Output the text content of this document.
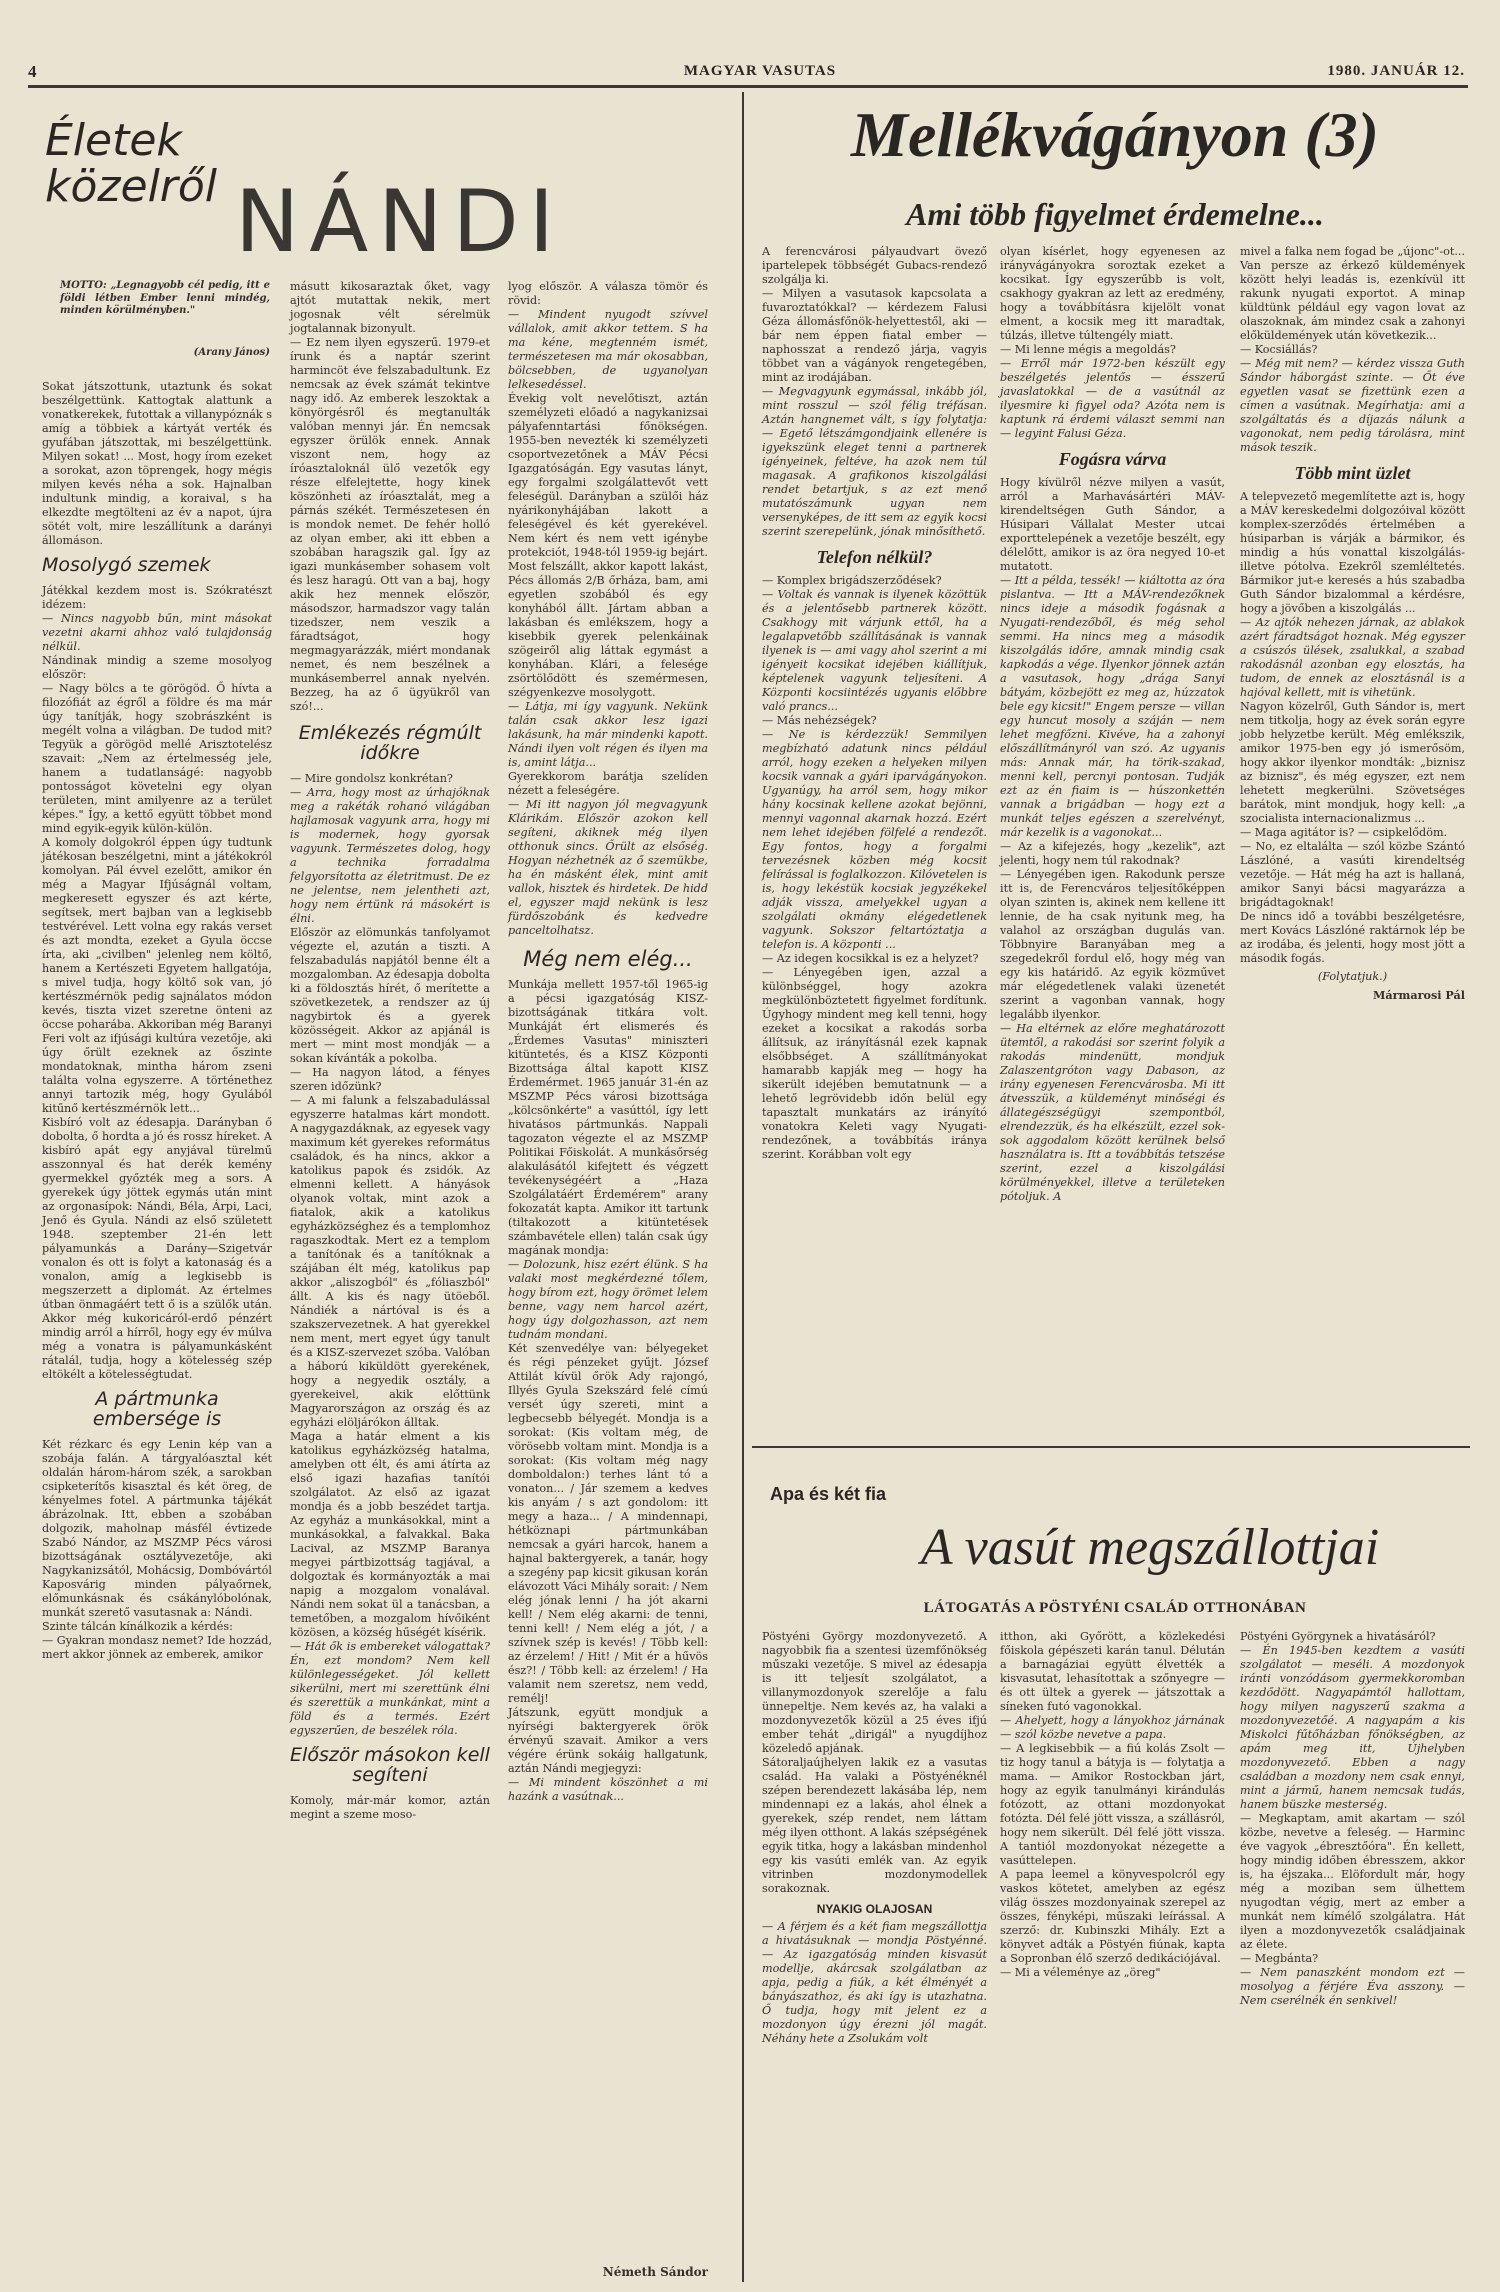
4	MAGYAR VASUTAS	1980. JANUÁR 12.
Életek közelről NÁNDI
MOTTO: „Legnagyobb cél pedig, itt e földi létben Ember lenni mindég, minden körülményben."
(Arany János)

Sokat játszottunk, utaztunk és sokat beszélgettünk. Kattogtak alattunk a vonatkerekek, futottak a villanypóznák s amíg a többiek a kártyát verték és gyufában játszottak, mi beszélgettünk. Milyen sokat! ... Most, hogy írom ezeket a sorokat, azon töprengek, hogy mégis milyen kevés néha a sok. Hajnalban indultunk mindig, a koraival, s ha elkezdte megtölteni az év a napot, újra sötét volt, mire leszállítunk a darányi állomáson.

Mosolygó szemek

Játékkal kezdem most is. Szókratészt idézem:

— Nincs nagyobb bűn, mint másokat vezetni akarni ahhoz való tulajdonság nélkül.

Nándinak mindig a szeme mosolyog először:

— Nagy bölcs a te görögöd. Ő hívta a filozófiát az égről a földre és ma már úgy tanítják, hogy szobrászként is megélt volna a világban. De tudod mit? Tegyük a görögöd mellé Arisztotelész szavait: „Nem az értelmesség jele, hanem a tudatlanságé: nagyobb pontosságot követelni egy olyan területen, mint amilyenre az a terület képes." Így, a kettő együtt többet mond mind egyik-egyik külön-külön.

A komoly dolgokról éppen úgy tudtunk játékosan beszélgetni, mint a játékokról komolyan. Pál évvel ezelőtt, amikor én még a Magyar Ifjúságnál voltam, megkeresett egyszer és azt kérte, segítsek, mert bajban van a legkisebb testvérével. Lett volna egy rakás verset és azt mondta, ezeket a Gyula öccse írta, aki „civilben" jelenleg nem költő, hanem a Kertészeti Egyetem hallgatója, s mivel tudja, hogy költő sok van, jó kertészmérnök pedig sajnálatos módon kevés, tiszta vizet szeretne önteni az öccse poharába. Akkoriban még Baranyi Feri volt az ifjúsági kultúra vezetője, aki úgy őrült ezeknek az őszinte mondatoknak, mintha három zseni találta volna egyszerre. A történethez annyi tartozik még, hogy Gyulából kitűnő kertészmérnök lett...

Kisbíró volt az édesapja. Darányban ő dobolta, ő hordta a jó és rossz híreket. A kisbíró apát egy anyjával türelmű asszonnyal és hat derék kemény gyermekkel győzték meg a sors. A gyerekek úgy jöttek egymás után mint az orgonasípok: Nándi, Béla, Árpi, Laci, Jenő és Gyula. Nándi az első született 1948. szeptember 21-én lett pályamunkás a Darány—Szigetvár vonalon és ott is folyt a katonaság és a vonalon, amíg a legkisebb is megszerzett a diplomát. Az értelmes útban önmagáért tett ő is a szülők után. Akkor még kukoricáról-erdő pénzért mindig arról a hírről, hogy egy év múlva még a vonatra is pályamunkásként rátalál, tudja, hogy a kötelesség szép eltökélt a kötelességtudat.

A pártmunka embersége is

Két rézkarc és egy Lenin kép van a szobája falán. A tárgyalóasztal két oldalán három-három szék, a sarokban csipketerítős kisasztal és két öreg, de kényelmes fotel. A pártmunka tájékát ábrázolnak. Itt, ebben a szobában dolgozik, maholnap másfél évtizede Szabó Nándor, az MSZMP Pécs városi bizottságának osztályvezetője, aki Nagykanizsától, Mohácsig, Dombóvártól Kaposvárig minden pályaőrnek, előmunkásnak és csákánylóbolónak, munkát szerető vasutasnak a: Nándi.

Szinte tálcán kínálkozik a kérdés:

— Gyakran mondasz nemet? Ide hozzád, mert akkor jönnek az emberek, amikor

másutt kikosaraztak őket, vagy ajtót mutattak nekik, mert jogosnak vélt sérelmük jogtalannak bizonyult.

— Ez nem ilyen egyszerű. 1979-et írunk és a naptár szerint harmincöt éve felszabadultunk. Ez nemcsak az évek számát tekintve nagy idő. Az emberek leszoktak a könyörgésről és megtanulták valóban mennyi jár. Én nemcsak egyszer örülök ennek. Annak viszont nem, hogy az íróasztaloknál ülő vezetők egy része elfelejtette, hogy kinek köszönheti az íróasztalát, meg a párnás székét. Természetesen én is mondok nemet. De fehér holló az olyan ember, aki itt ebben a szobában haragszik gal. Így az igazi munkásember sohasem volt és lesz haragú. Ott van a baj, hogy akik hez mennek először, másodszor, harmadszor vagy talán tizedszer, nem veszik a fáradtságot, hogy megmagyarázzák, miért mondanak nemet, és nem beszélnek a munkásemberrel annak nyelvén. Bezzeg, ha az ő ügyükről van szó!...

Emlékezés régmúlt időkre

— Mire gondolsz konkrétan?

— Arra, hogy most az úrhajóknak meg a rakéták rohanó világában hajlamosak vagyunk arra, hogy mi is modernek, hogy gyorsak vagyunk. Természetes dolog, hogy a technika forradalma felgyorsította az életritmust. De ez ne jelentse, nem jelentheti azt, hogy nem értünk rá másokért is élni.

Először az elömunkás tanfolyamot végezte el, azután a tiszti. A felszabadulás napjától benne élt a mozgalomban. Az édesapja dobolta ki a földosztás hírét, ő merítette a szövetkezetek, a rendszer az új nagybirtok és a gyerek közösségeit. Akkor az apjánál is mert — mint most mondják — a sokan kívánták a pokolba.

— Ha nagyon látod, a fényes szeren időzünk?

— A mi falunk a felszabadulással egyszerre hatalmas kárt mondott. A nagygazdáknak, az egyesek vagy maximum két gyerekes református családok, és ha nincs, akkor a katolikus papok és zsidók. Az elmenni kellett. A hányások olyanok voltak, mint azok a fiatalok, akik a katolikus egyházközséghez és a templomhoz ragaszkodtak. Mert ez a templom a tanítónak és a tanítóknak a szájában élt még, katolikus pap akkor „aliszogból" és „fóliaszból" állt. A kis és nagy ütöeből. Nándiék a nártóval is és a szakszervezetnek. A hat gyerekkel nem ment, mert egyet úgy tanult és a KISZ-szervezet szóba. Valóban a háború kiküldött gyerekének, hogy a negyedik osztály, a gyerekeivel, akik előttünk Magyarországon az ország és az egyházi elöljárókon álltak.

Maga a határ elment a kis katolikus egyházközség hatalma, amelyben ott élt, és ami átírta az első igazi hazafias tanítói szolgálatot. Az első az igazat mondja és a jobb beszédet tartja. Az egyház a munkásokkal, mint a munkásokkal, a falvakkal. Baka Lacival, az MSZMP Baranya megyei pártbizottság tagjával, a dolgoztak és kormányozták a mai napig a mozgalom vonalával. Nándi nem sokat ül a tanácsban, a temetőben, a mozgalom hívőiként közösen, a község hűségét kísérik.

— Hát ők is embereket válogattak? Én, ezt mondom? Nem kell különlegességeket. Jól kellett sikerülni, mert mi szerettünk élni és szerettük a munkánkat, mint a föld és a termés. Ezért egyszerűen, de beszélek róla.

Először másokon kell segíteni

Komoly, már-már komor, aztán megint a szeme moso-

lyog először. A válasza tömör és rövid:

— Mindent nyugodt szívvel vállalok, amit akkor tettem. S ha ma kéne, megtenném ismét, természetesen ma már okosabban, bölcsebben, de ugyanolyan lelkesedéssel.

Évekig volt nevelőtiszt, aztán személyzeti előadó a nagykanizsai pályafenntartási főnökségen. 1955-ben nevezték ki személyzeti csoportvezetőnek a MÁV Pécsi Igazgatóságán. Egy vasutas lányt, egy forgalmi szolgálattevőt vett feleségül. Darányban a szülői ház nyárikonyhájában lakott a feleségével és két gyerekével. Nem kért és nem vett igénybe protekciót, 1948-tól 1959-ig bejárt. Most felszállt, akkor kapott lakást, Pécs állomás 2/B őrháza, bam, ami egyetlen szobából és egy konyhából állt. Jártam abban a lakásban és emlékszem, hogy a kisebbik gyerek pelenkáinak szögeiről alig láttak egymást a konyhában. Klári, a felesége zsörtölődött és szemérmesen, szégyenkezve mosolygott.

— Látja, mi így vagyunk. Nekünk talán csak akkor lesz igazi lakásunk, ha már mindenki kapott. Nándi ilyen volt régen és ilyen ma is, amint látja...

Gyerekkorom barátja szelíden nézett a feleségére.

— Mi itt nagyon jól megvagyunk Klárikám. Először azokon kell segíteni, akiknek még ilyen otthonuk sincs. Őrült az elsőség. Hogyan nézhetnék az ő szemükbe, ha én másként élek, mint amit vallok, hisztek és hirdetek. De hidd el, egyszer majd nekünk is lesz fürdőszobánk és kedvedre panceltolhatsz.

Még nem elég...

Munkája mellett 1957-től 1965-ig a pécsi igazgatóság KISZ-bizottságának titkára volt. Munkáját ért elismerés és „Érdemes Vasutas" miniszteri kitüntetés, és a KISZ Központi Bizottsága által kapott KISZ Érdemérmet. 1965 január 31-én az MSZMP Pécs városi bizottsága „kölcsönkérte" a vasúttól, így lett hivatásos pártmunkás. Nappali tagozaton végezte el az MSZMP Politikai Főiskolát. A munkásőrség alakulásától kifejtett és végzett tevékenységéért a „Haza Szolgálatáért Érdemérem" arany fokozatát kapta. Amikor itt tartunk (tiltakozott a kitüntetések számbavétele ellen) talán csak úgy magának mondja:

— Dolozunk, hisz ezért élünk. S ha valaki most megkérdezné tőlem, hogy bírom ezt, hogy örömet lelem benne, vagy nem harcol azért, hogy úgy dolgozhasson, azt nem tudnám mondani.

Két szenvedélye van: bélyegeket és régi pénzeket gyűjt. József Attilát kívül őrök Ady rajongó, Illyés Gyula Szekszárd felé címú versét úgy szereti, mint a legbecsebb bélyegét. Mondja is a sorokat: (Kis voltam még, de vörösebb voltam mint. Mondja is a sorokat: (Kis voltam még nagy domboldalon:) terhes lánt tó a vonaton... / Jár szemem a kedves kis anyám / s azt gondolom: itt megy a haza... / A mindennapi, hétköznapi pártmunkában nemcsak a gyári harcok, hanem a hajnal baktergyerek, a tanár, hogy a szegény pap kicsit gikusan korán elávozott Váci Mihály sorait: / Nem elég jónak lenni / ha jót akarni kell! / Nem elég akarni: de tenni, tenni kell! / Nem elég a jót, / a szívnek szép is kevés! / Több kell: az érzelem! / Hit! / Mit ér a hűvös ész?! / Több kell: az érzelem! / Ha valamit nem szeretsz, nem vedd, remélj!

Játszunk, együtt mondjuk a nyírségi baktergyerek örök érvényű szavait. Amikor a vers végére érünk sokáig hallgatunk, aztán Nándi megjegyzi:

— Mi mindent köszönhet a mi hazánk a vasútnak...

Németh Sándor
Mellékvágányon (3)
Ami több figyelmet érdemelne...

A ferencvárosi pályaudvart övező ipartelepek többségét Gubacs-rendező szolgálja ki.

— Milyen a vasutasok kapcsolata a fuvaroztatókkal? — kérdezem Falusi Géza állomásfőnök-helyettestől, aki — bár nem éppen fiatal ember — naphosszat a rendező járja, vagyis többet van a vágányok rengetegében, mint az irodájában.

— Megvagyunk egymással, inkább jól, mint rosszul — szól félig tréfásan. Aztán hangnemet vált, s így folytatja: — Egető létszámgondjaink ellenére is igyekszünk eleget tenni a partnerek igényeinek, feltéve, ha azok nem túl magasak. A grafikonos kiszolgálási rendet betartjuk, s az ezt menő mutatószámunk ugyan nem versenyképes, de itt sem az egyik kocsi szerint szerepelünk, jónak minősíthető.

Telefon nélkül?

— Komplex brigádszerződések?

— Voltak és vannak is ilyenek közöttük és a jelentősebb partnerek között. Csakhogy mit várjunk ettől, ha a legalapvetőbb szállításának is vannak ilyenek is — ami vagy ahol szerint a mi igényeit kocsikat idejében kiállítjuk, képtelenek vagyunk teljesíteni. A Központi kocsiintézés ugyanis előbbre való prancs...

— Más nehézségek?

— Ne is kérdezzük! Semmilyen megbízható adatunk nincs például arról, hogy ezeken a helyeken milyen kocsik vannak a gyári iparvágányokon. Ugyanúgy, ha arról sem, hogy mikor hány kocsinak kellene azokat bejönni, mennyi vagonnal akarnak hozzá. Ezért nem lehet idejében fölfelé a rendezőt. Egy fontos, hogy a forgalmi tervezésnek közben még kocsit felírással is foglalkozzon. Kilóvetelen is is, hogy lekéstük kocsiak jegyzékekel adják vissza, amelyekkel ugyan a szolgálati okmány elégedetlenek vagyunk. Sokszor feltartóztatja a telefon is. A központi ...

— Az idegen kocsikkal is ez a helyzet?

— Lényegében igen, azzal a különbséggel, hogy azokra megkülönböztetett figyelmet fordítunk. Úgyhogy mindent meg kell tenni, hogy ezeket a kocsikat a rakodás sorba állítsuk, az irányításnál ezek kapnak elsőbbséget. A szállítmányokat hamarabb kapják meg — hogy ha sikerült idejében bemutatnunk — a lehető legrövidebb időn belül egy tapasztalt munkatárs az irányító vonatokra Keleti vagy Nyugati-rendezőnek, a továbbítás iránya szerint. Korábban volt egy

olyan kísérlet, hogy egyenesen az irányvágányokra soroztak ezeket a kocsikat. Így egyszerűbb is volt, csakhogy gyakran az lett az eredmény, hogy a továbbításra kijelölt vonat elment, a kocsik meg itt maradtak, túlzás, illetve túltengély miatt.

— Mi lenne mégis a megoldás?

— Erről már 1972-ben készült egy beszélgetés jelentős — ésszerű javaslatokkal — de a vasútnál az ilyesmire ki figyel oda? Azóta nem is kaptunk rá érdemi választ semmi nan — legyint Falusi Géza.

Fogásra várva

Hogy kívülről nézve milyen a vasút, arról a Marhavásártéri MÁV-kirendeltségen Guth Sándor, a Húsipari Vállalat Mester utcai exporttelepének a vezetője beszélt, egy délelőtt, amikor is az öra negyed 10-et mutatott.

— Itt a példa, tessék! — kiáltotta az óra pislantva. — Itt a MÁV-rendezőknek nincs ideje a második fogásnak a Nyugati-rendezőből, és még sehol semmi. Ha nincs meg a második kiszolgálás időre, amnak mindig csak kapkodás a vége. Ilyenkor jönnek aztán a vasutasok, hogy „drága Sanyi bátyám, közbejött ez meg az, húzzatok bele egy kicsit!" Engem persze — villan egy huncut mosoly a száján — nem lehet megfőzni. Kivéve, ha a zahonyi előszállítmányról van szó. Az ugyanis más: Annak már, ha törik-szakad, menni kell, percnyi pontosan. Tudják ezt az én fiaim is — húszonkettén vannak a brigádban — hogy ezt a munkát teljes egészen a szerelvényt, már kezelik is a vagonokat...

— Az a kifejezés, hogy „kezelik", azt jelenti, hogy nem túl rakodnak?

— Lényegében igen. Rakodunk persze itt is, de Ferencváros teljesítőképpen olyan szinten is, akinek nem kellene itt lennie, de ha csak nyitunk meg, ha valahol az országban dugulás van. Többnyire Baranyában meg a szegedekről fordul elő, hogy még van egy kis határidő. Az egyik közművet már elégedetlenek valaki üzenetét szerint a vagonban vannak, hogy legalább ilyenkor.

— Ha eltérnek az előre meghatározott ütemtől, a rakodási sor szerint folyik a rakodás mindenütt, mondjuk Zalaszentgróton vagy Dabason, az irány egyenesen Ferencvárosba. Mi itt átvesszük, a küldeményt minőségi és állategészségügyi szempontból, elrendezzük, és ha elkészült, ezzel sok-sok aggodalom között kerülnek belső használatra is. Itt a továbbítás tetszése szerint, ezzel a kiszolgálási körülményekkel, illetve a területeken pótoljuk. A

mivel a falka nem fogad be „újonc"-ot... Van persze az érkező küldemények között helyi leadás is, ezenkívül itt rakunk nyugati exportot. A minap küldtünk például egy vagon lovat az olaszoknak, ám mindez csak a zahonyi előküldemények után következik...

— Kocsiállás?

— Még mit nem? — kérdez vissza Guth Sándor háborgást szinte. — Őt éve egyetlen vasat se fizettünk ezen a címen a vasútnak. Megírhatja: ami a szolgáltatás és a díjazás nálunk a vagonokat, nem pedig tárolásra, mint mások teszik.

Több mint üzlet

A telepvezető megemlítette azt is, hogy a MÁV kereskedelmi dolgozóival között komplex-szerződés értelmében a húsiparban is várják a bármikor, és mindig a hús vonattal kiszolgálás-illetve pótolva. Ezekről szemléltetés. Bármikor jut-e keresés a hús szabadba Guth Sándor bizalommal a kérdésre, hogy a jövőben a kiszolgálás ...

— Az ajtók nehezen járnak, az ablakok azért fáradtságot hoznak. Még egyszer a csúszós ülések, zsalukkal, a szabad rakodásnál azonban egy elosztás, ha tudom, de ennek az elosztásnál is a hajóval kellett, mit is vihetünk.

Nagyon közelről, Guth Sándor is, mert nem titkolja, hogy az évek során egyre jobb helyzetbe került. Még emlékszik, amikor 1975-ben egy jó ismerősöm, hogy akkor ilyenkor mondták: „biznisz az biznisz", és még egyszer, ezt nem lehetett megkerülni. Szövetséges barátok, mint mondjuk, hogy kell: „a szocialista internacionalizmus ...

— Maga agitátor is? — csipkelődöm.

— No, ez eltalálta — szól közbe Szántó Lászlóné, a vasúti kirendeltség vezetője. — Hát még ha azt is hallaná, amikor Sanyi bácsi magyarázza a brigádtagoknak!

De nincs idő a további beszélgetésre, mert Kovács Lászlóné raktárnok lép be az irodába, és jelenti, hogy most jött a második fogás.

(Folytatjuk.)

Mármarosi Pál

Apa és két fia
A vasút megszállottjai
LÁTOGATÁS A PÖSTYÉNI CSALÁD OTTHONÁBAN

Pöstyéni György mozdonyvezető. A nagyobbik fia a szentesi üzemfőnökség műszaki vezetője. S mivel az édesapja is itt teljesít szolgálatot, a villanymozdonyok szerelője a falu ünnepeltje. Nem kevés az, ha valaki a mozdonyvezetők közül a 25 éves ifjú ember tehát „dirigál" a nyugdíjhoz közeledő apjának.

Sátoraljaújhelyen lakik ez a vasutas család. Ha valaki a Pöstyénéknél szépen berendezett lakásába lép, nem mindennapi ez a lakás, ahol élnek a gyerekek, szép rendet, nem láttam még ilyen otthont. A lakás szépségének egyik titka, hogy a lakásban mindenhol egy kis vasúti emlék van. Az egyik vitrinben mozdonymodellek sorakoznak.

NYAKIG OLAJOSAN

— A férjem és a két fiam megszállottja a hivatásuknak — mondja Pöstyénné. — Az igazgatóság minden kisvasút modellje, akárcsak szolgálatban az apja, pedig a fiúk, a két élményét a bányászathoz, és aki így is utazhatna. Ő tudja, hogy mit jelent ez a mozdonyon úgy érezni jól magát. Néhány hete a Zsolukám volt

itthon, aki Győrött, a közlekedési főiskola gépészeti karán tanul. Délután a barnagáziai együtt élvették a kisvasutat, lehasítottak a szőnyegre — és ott ültek a gyerek — játszottak a síneken futó vagonokkal.

— Ahelyett, hogy a lányokhoz járnának — szól közbe nevetve a papa.

— A legkisebbik — a fiú kolás Zsolt — tiz hogy tanul a bátyja is — folytatja a mama. — Amikor Rostockban járt, hogy az egyik tanulmányi kirándulás fotózott, az ottani mozdonyokat fotózta. Dél felé jött vissza, a szállásról, hogy nem sikerült. Dél felé jött vissza. A tantiól mozdonyokat nézegette a vasúttelepen.

A papa leemel a könyvespolcról egy vaskos kötetet, amelyben az egész világ összes mozdonyainak szerepel az összes, fényképi, műszaki leírással. A szerző: dr. Kubinszki Mihály. Ezt a könyvet adták a Pöstyén fiúnak, kapta a Sopronban élő szerző dedikációjával.

— Mi a véleménye az „öreg"

Pöstyéni Györgynek a hivatásáról?

— Én 1945-ben kezdtem a vasúti szolgálatot — meséli. A mozdonyok iránti vonzódásom gyermekkoromban kezdődött. Nagyapámtól hallottam, hogy milyen nagyszerű szakma a mozdonyvezetőé. A nagyapám a kis Miskolci fűtőházban főnökségben, az apám meg itt, Újhelyben mozdonyvezető. Ebben a nagy családban a mozdony nem csak ennyi, mint a jármű, hanem nemcsak tudás, hanem büszke mesterség.

— Megkaptam, amit akartam — szól közbe, nevetve a feleség. — Harminc éve vagyok „ébresztőóra". Én kellett, hogy mindig időben ébresszem, akkor is, ha éjszaka... Elöfordult már, hogy még a moziban sem ülhettem nyugodtan végig, mert az ember a munkát nem kímélő szolgálatra. Hát ilyen a mozdonyvezetők családjainak az élete.

— Megbánta?

— Nem panaszként mondom ezt — mosolyog a férjére Éva asszony. — Nem cserélnék én senkivel!
